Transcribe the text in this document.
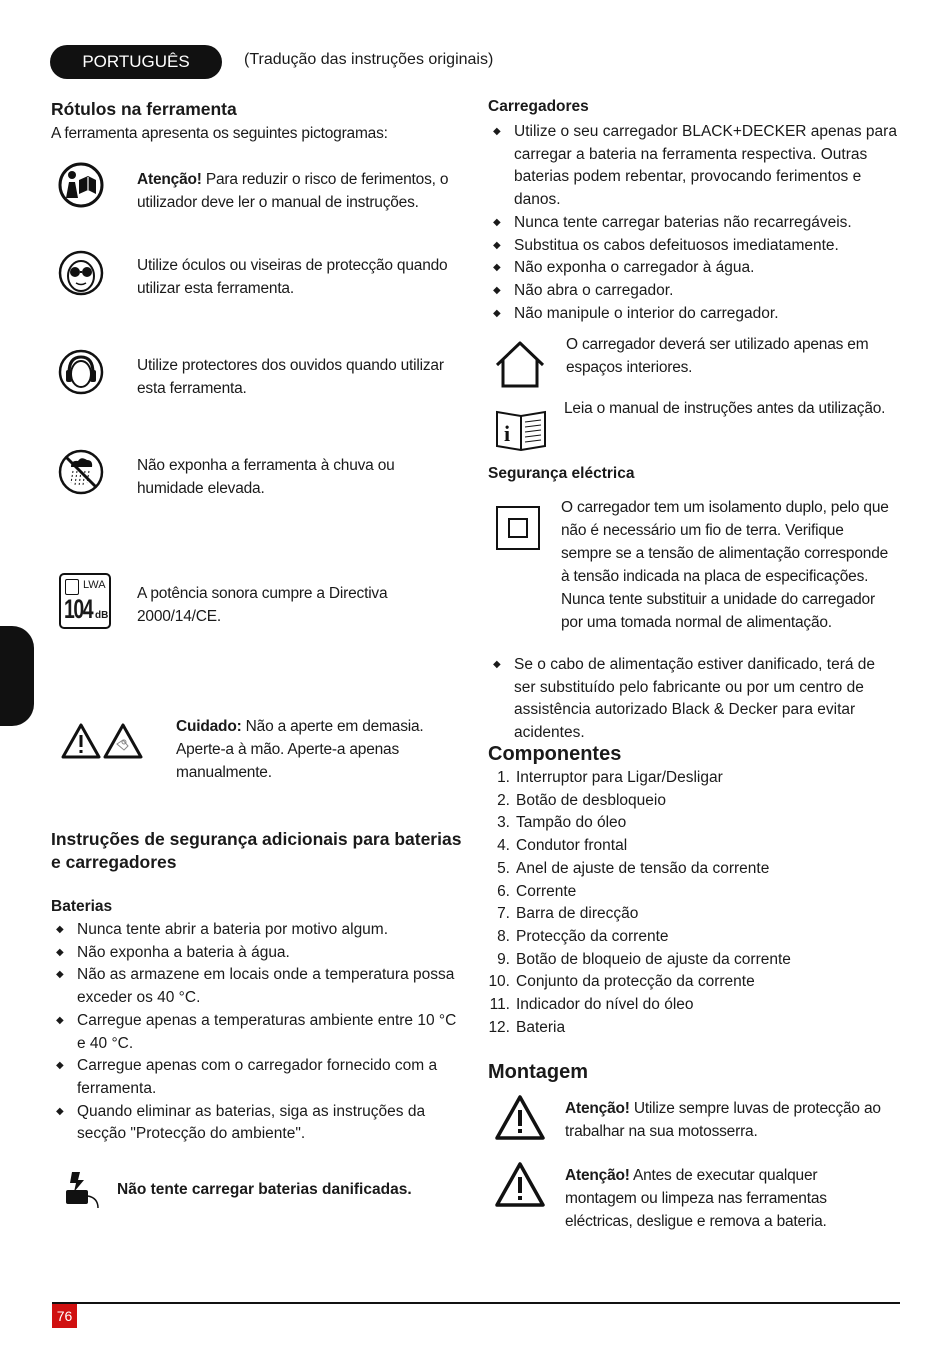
PORTUGUÊS	(Tradução das instruções originais)
Rótulos na ferramenta
A ferramenta apresenta os seguintes pictogramas:
Atenção! Para reduzir o risco de ferimentos, o utilizador deve ler o manual de instruções.
Utilize óculos ou viseiras de protecção quando utilizar esta ferramenta.
Utilize protectores dos ouvidos quando utilizar esta ferramenta.
Não exponha a ferramenta à chuva ou humidade elevada.
LWA
104 dB
A potência sonora cumpre a Directiva 2000/14/CE.
Cuidado: Não a aperte em demasia. Aperte-a à mão. Aperte-a apenas manualmente.
Instruções de segurança adicionais para baterias e carregadores
Baterias
◆ Nunca tente abrir a bateria por motivo algum.
◆ Não exponha a bateria à água.
◆ Não as armazene em locais onde a temperatura possa exceder os 40 °C.
◆ Carregue apenas a temperaturas ambiente entre 10 °C e 40 °C.
◆ Carregue apenas com o carregador fornecido com a ferramenta.
◆ Quando eliminar as baterias, siga as instruções da secção "Protecção do ambiente".
Não tente carregar baterias danificadas.
Carregadores
◆ Utilize o seu carregador BLACK+DECKER apenas para carregar a bateria na ferramenta respectiva. Outras baterias podem rebentar, provocando ferimentos e danos.
◆ Nunca tente carregar baterias não recarregáveis.
◆ Substitua os cabos defeituosos imediatamente.
◆ Não exponha o carregador à água.
◆ Não abra o carregador.
◆ Não manipule o interior do carregador.
O carregador deverá ser utilizado apenas em espaços interiores.
i
Leia o manual de instruções antes da utilização.
Segurança eléctrica
O carregador tem um isolamento duplo, pelo que não é necessário um fio de terra. Verifique sempre se a tensão de alimentação corresponde à tensão indicada na placa de especificações. Nunca tente substituir a unidade do carregador por uma tomada normal de alimentação.
◆ Se o cabo de alimentação estiver danificado, terá de ser substituído pelo fabricante ou por um centro de assistência autorizado Black & Decker para evitar acidentes.
Componentes
1. Interruptor para Ligar/Desligar
2. Botão de desbloqueio
3. Tampão do óleo
4. Condutor frontal
5. Anel de ajuste de tensão da corrente
6. Corrente
7. Barra de direcção
8. Protecção da corrente
9. Botão de bloqueio de ajuste da corrente
10. Conjunto da protecção da corrente
11. Indicador do nível do óleo
12. Bateria
Montagem
Atenção! Utilize sempre luvas de protecção ao trabalhar na sua motosserra.
Atenção! Antes de executar qualquer montagem ou limpeza nas ferramentas eléctricas, desligue e remova a bateria.
76
